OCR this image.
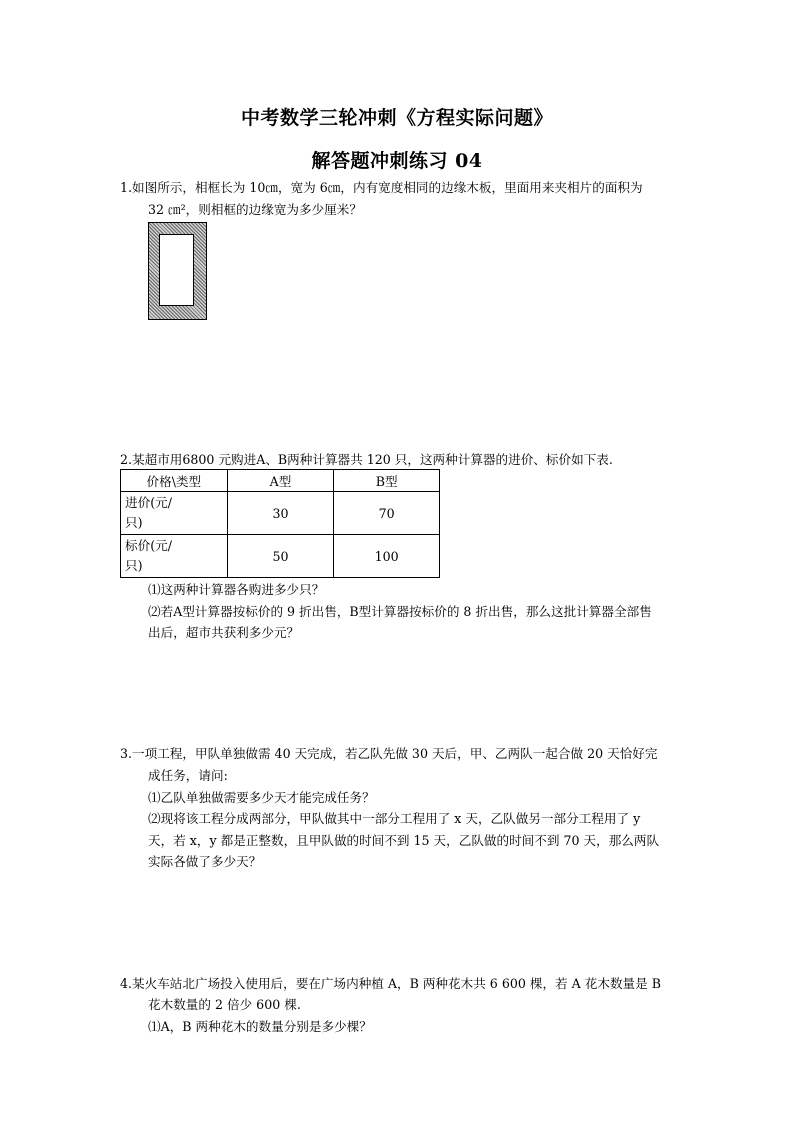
中考数学三轮冲刺《方程实际问题》
解答题冲刺练习 04
1.如图所示，相框长为 10㎝，宽为 6㎝，内有宽度相同的边缘木板，里面用来夹相片的面积为
32 ㎝²，则相框的边缘宽为多少厘米？
2.某超市用6800 元购进A、B两种计算器共 120 只，这两种计算器的进价、标价如下表.
价格\类型	A型	B型

进价(元/
只)	30	70

标价(元/
只)	50	100
⑴这两种计算器各购进多少只？
⑵若A型计算器按标价的 9 折出售，B型计算器按标价的 8 折出售，那么这批计算器全部售
出后，超市共获利多少元？
3.一项工程，甲队单独做需 40 天完成，若乙队先做 30 天后，甲、乙两队一起合做 20 天恰好完
成任务，请问:
⑴乙队单独做需要多少天才能完成任务？
⑵现将该工程分成两部分，甲队做其中一部分工程用了 x 天，乙队做另一部分工程用了 y
天，若 x，y 都是正整数，且甲队做的时间不到 15 天，乙队做的时间不到 70 天，那么两队
实际各做了多少天？
4.某火车站北广场投入使用后，要在广场内种植 A，B 两种花木共 6 600 棵，若 A 花木数量是 B
花木数量的 2 倍少 600 棵.
⑴A，B 两种花木的数量分别是多少棵？
